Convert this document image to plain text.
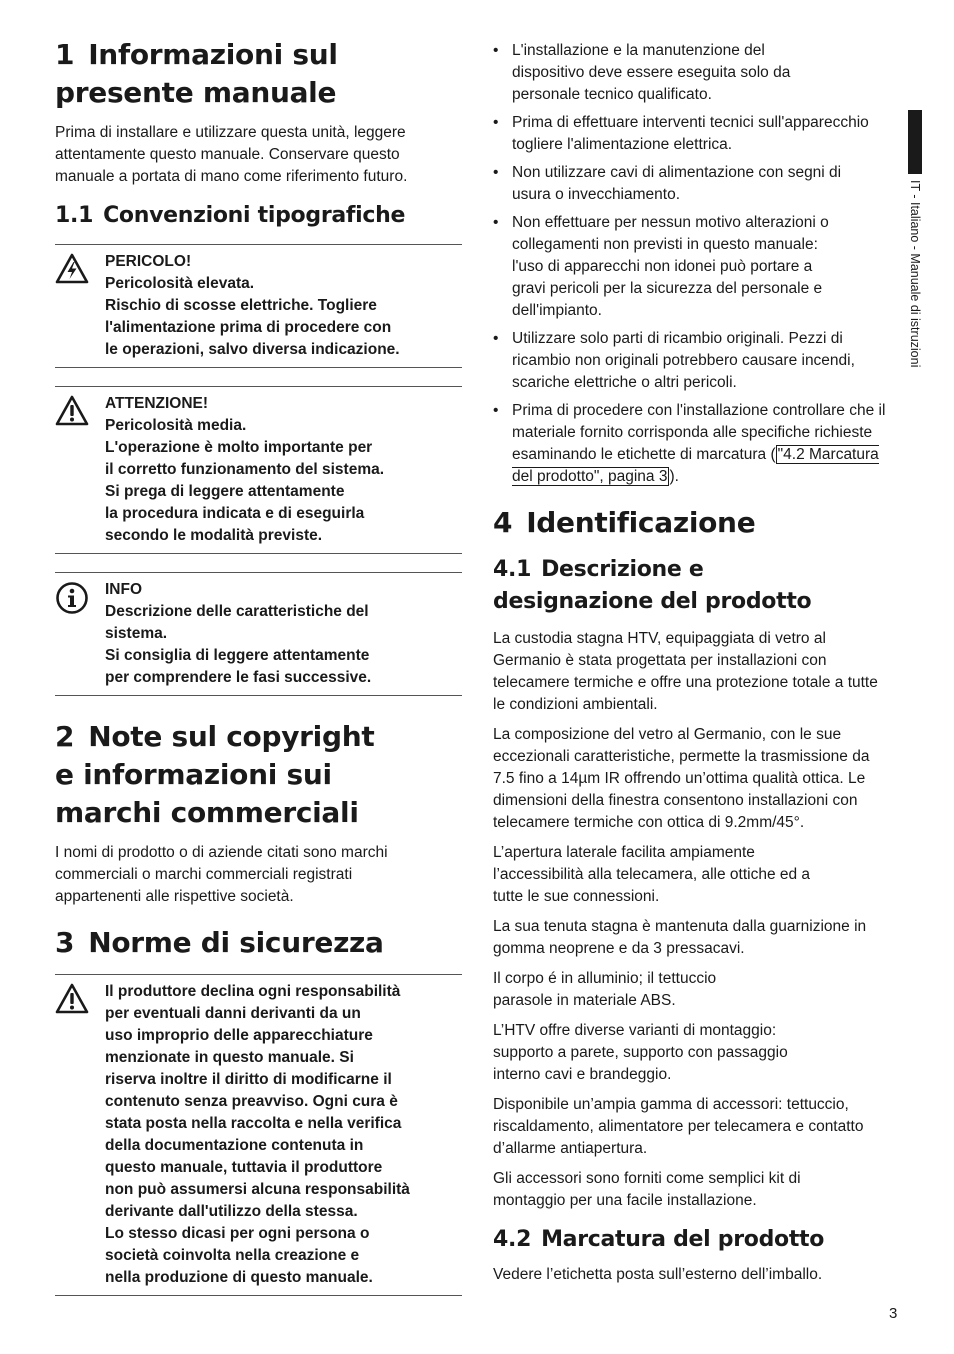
1 Informazioni sul
presente manuale

Prima di installare e utilizzare questa unità, leggere attentamente questo manuale. Conservare questo manuale a portata di mano come riferimento futuro.

1.1 Convenzioni tipografiche
PERICOLO!
Pericolosità elevata.
Rischio di scosse elettriche. Togliere
l'alimentazione prima di procedere con
le operazioni, salvo diversa indicazione.
ATTENZIONE!
Pericolosità media.
L'operazione è molto importante per
il corretto funzionamento del sistema.
Si prega di leggere attentamente
la procedura indicata e di eseguirla
secondo le modalità previste.
INFO
Descrizione delle caratteristiche del
sistema.
Si consiglia di leggere attentamente
per comprendere le fasi successive.
2 Note sul copyright
e informazioni sui
marchi commerciali

I nomi di prodotto o di aziende citati sono marchi commerciali o marchi commerciali registrati appartenenti alle rispettive società.

3 Norme di sicurezza
Il produttore declina ogni responsabilità
per eventuali danni derivanti da un
uso improprio delle apparecchiature
menzionate in questo manuale. Si
riserva inoltre il diritto di modificarne il
contenuto senza preavviso. Ogni cura è
stata posta nella raccolta e nella verifica
della documentazione contenuta in
questo manuale, tuttavia il produttore
non può assumersi alcuna responsabilità
derivante dall'utilizzo della stessa.
Lo stesso dicasi per ogni persona o
società coinvolta nella creazione e
nella produzione di questo manuale.
• L'installazione e la manutenzione del dispositivo deve essere eseguita solo da personale tecnico qualificato.
• Prima di effettuare interventi tecnici sull'apparecchio togliere l'alimentazione elettrica.
• Non utilizzare cavi di alimentazione con segni di usura o invecchiamento.
• Non effettuare per nessun motivo alterazioni o collegamenti non previsti in questo manuale: l'uso di apparecchi non idonei può portare a gravi pericoli per la sicurezza del personale e dell'impianto.
• Utilizzare solo parti di ricambio originali. Pezzi di ricambio non originali potrebbero causare incendi, scariche elettriche o altri pericoli.
• Prima di procedere con l'installazione controllare che il materiale fornito corrisponda alle specifiche richieste esaminando le etichette di marcatura ( "4.2 Marcatura del prodotto", pagina 3 ).
4 Identificazione
4.1 Descrizione e
designazione del prodotto

La custodia stagna HTV, equipaggiata di vetro al Germanio è stata progettata per installazioni con telecamere termiche e offre una protezione totale a tutte le condizioni ambientali.

La composizione del vetro al Germanio, con le sue eccezionali caratteristiche, permette la trasmissione da 7.5 fino a 14µm IR offrendo un’ottima qualità ottica. Le dimensioni della finestra consentono installazioni con telecamere termiche con ottica di 9.2mm/45°.

L’apertura laterale facilita ampiamente l’accessibilità alla telecamera, alle ottiche ed a tutte le sue connessioni.

La sua tenuta stagna è mantenuta dalla guarnizione in gomma neoprene e da 3 pressacavi.

Il corpo é in alluminio; il tettuccio parasole in materiale ABS.

L’HTV offre diverse varianti di montaggio: supporto a parete, supporto con passaggio interno cavi e brandeggio.

Disponibile un’ampia gamma di accessori: tettuccio, riscaldamento, alimentatore per telecamera e contatto d’allarme antiapertura.

Gli accessori sono forniti come semplici kit di montaggio per una facile installazione.

4.2 Marcatura del prodotto

Vedere l’etichetta posta sull’esterno dell’imballo.

IT - Italiano - Manuale di istruzioni
3
